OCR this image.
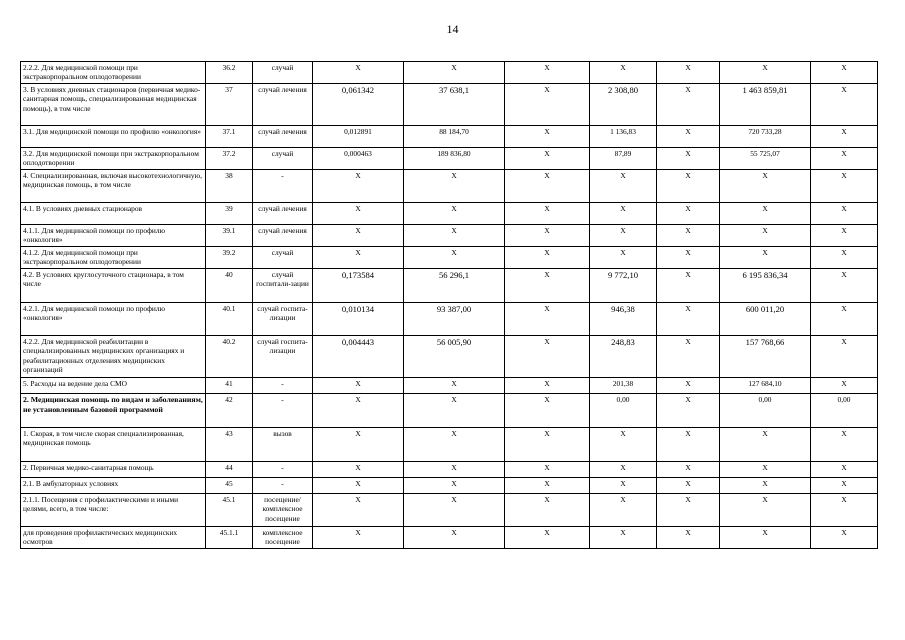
14
2.2.2. Для медицинской помощи при экстракорпоральном оплодотворении	36.2	случай	Х	Х	Х	Х	Х	Х	Х
3. В условиях дневных стационаров (первичная медико-санитарная помощь, специализированная медицинская помощь), в том числе	37	случай лечения	0,061342	37 638,1	Х	2 308,80	Х	1 463 859,81	Х
3.1. Для медицинской помощи по профилю «онкология»	37.1	случай лечения	0,012891	88 184,70	Х	1 136,83	Х	720 733,28	Х
3.2. Для медицинской помощи при экстракорпоральном оплодотворении	37.2	случай	0,000463	189 836,80	Х	87,89	Х	55 725,07	Х
4. Специализированная, включая высокотехнологичную, медицинская помощь, в том числе	38	-	Х	Х	Х	Х	Х	Х	Х
4.1. В условиях дневных стационаров	39	случай лечения	Х	Х	Х	Х	Х	Х	Х
4.1.1. Для медицинской помощи по профилю «онкология»	39.1	случай лечения	Х	Х	Х	Х	Х	Х	Х
4.1.2. Для медицинской помощи при экстракорпоральном оплодотворении	39.2	случай	Х	Х	Х	Х	Х	Х	Х
4.2. В условиях круглосуточного стационара, в том числе	40	случай госпитали-зации	0,173584	56 296,1	Х	9 772,10	Х	6 195 836,34	Х
4.2.1. Для медицинской помощи по профилю «онкология»	40.1	случай госпита-лизации	0,010134	93 387,00	Х	946,38	Х	600 011,20	Х
4.2.2. Для медицинской реабилитации в специализированных медицинских организациях и реабилитационных отделениях медицинских организаций	40.2	случай госпита-лизации	0,004443	56 005,90	Х	248,83	Х	157 768,66	Х
5. Расходы на ведение дела СМО	41	-	Х	Х	Х	201,38	Х	127 684,10	Х
2. Медицинская помощь по видам и заболеваниям, не установленным базовой программой	42	-	Х	Х	Х	0,00	Х	0,00	0,00
1. Скорая, в том числе скорая специализированная, медицинская помощь	43	вызов	Х	Х	Х	Х	Х	Х	Х
2. Первичная медико-санитарная помощь	44	-	Х	Х	Х	Х	Х	Х	Х
2.1. В амбулаторных условиях	45	-	Х	Х	Х	Х	Х	Х	Х
2.1.1. Посещения с профилактическими и иными целями, всего, в том числе:	45.1	посещение/ комплексное посещение	Х	Х	Х	Х	Х	Х	Х
для проведения профилактических медицинских осмотров	45.1.1	комплексное посещение	Х	Х	Х	Х	Х	Х	Х
